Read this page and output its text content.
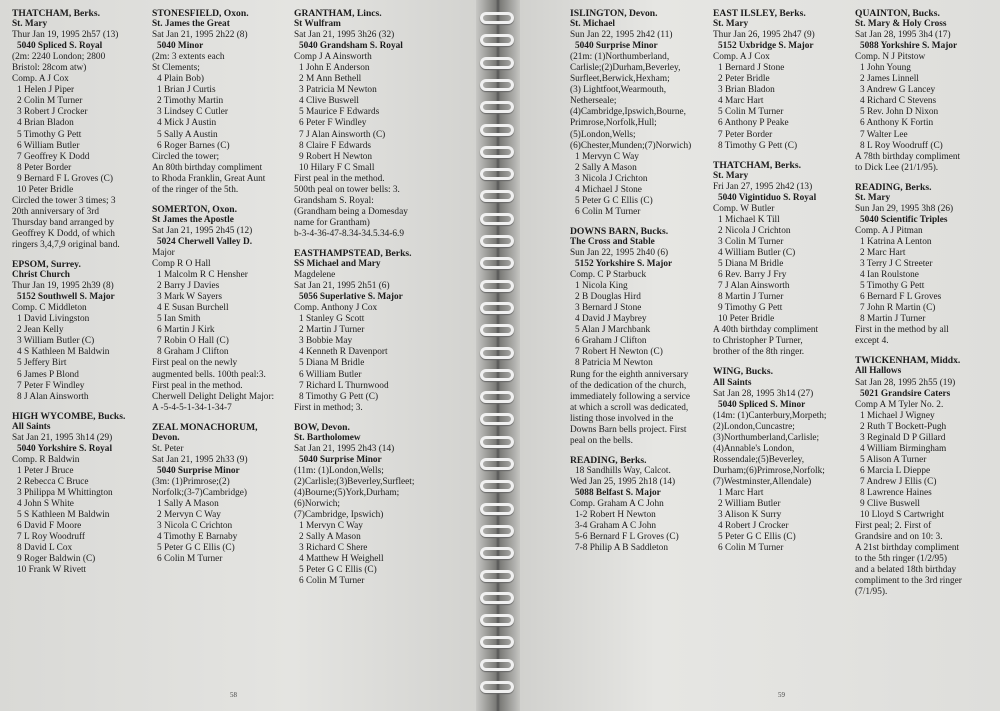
THATCHAM, Berks.
St. Mary
Thur Jan 19, 1995 2h57 (13)
5040 Spliced S. Royal
(2m: 2240 London; 2800
Bristol: 28com atw)
Comp. A J Cox
1 Helen J Piper
2 Colin M Turner
3 Robert J Crocker
4 Brian Bladon
5 Timothy G Pett
6 William Butler
7 Geoffrey K Dodd
8 Peter Border
9 Bernard F L Groves (C)
10 Peter Bridle
Circled the tower 3 times; 3
20th anniversary of 3rd
Thursday band arranged by
Geoffrey K Dodd, of which
ringers 3,4,7,9 original band.
EPSOM, Surrey.
Christ Church
Thur Jan 19, 1995 2h39 (8)
5152 Southwell S. Major
Comp. C Middleton
1 David Livingston
2 Jean Kelly
3 William Butler (C)
4 S Kathleen M Baldwin
5 Jeffery Birt
6 James P Blond
7 Peter F Windley
8 J Alan Ainsworth
HIGH WYCOMBE, Bucks.
All Saints
Sat Jan 21, 1995 3h14 (29)
5040 Yorkshire S. Royal
Comp. R Baldwin
1 Peter J Bruce
2 Rebecca C Bruce
3 Philippa M Whittington
4 John S White
5 S Kathleen M Baldwin
6 David F Moore
7 L Roy Woodruff
8 David L Cox
9 Roger Baldwin (C)
10 Frank W Rivett
STONESFIELD, Oxon.
St. James the Great
Sat Jan 21, 1995 2h22 (8)
5040 Minor
(2m: 3 extents each
St Clements;
4 Plain Bob)
1 Brian J Curtis
2 Timothy Martin
3 Lindsey C Cutler
4 Mick J Austin
5 Sally A Austin
6 Roger Barnes (C)
Circled the tower;
An 80th birthday compliment
to Rhoda Franklin, Great Aunt
of the ringer of the 5th.
SOMERTON, Oxon.
St James the Apostle
Sat Jan 21, 1995 2h45 (12)
5024 Cherwell Valley D.
Major
Comp R O Hall
1 Malcolm R C Hensher
2 Barry J Davies
3 Mark W Sayers
4 E Susan Burchell
5 Ian Smith
6 Martin J Kirk
7 Robin O Hall (C)
8 Graham J Clifton
First peal on the newly
augmented bells. 100th peal:3.
First peal in the method.
Cherwell Delight Delight Major:
A -5-4-5-1-34-1-34-7
ZEAL MONACHORUM,
Devon.
St. Peter
Sat Jan 21, 1995 2h33 (9)
5040 Surprise Minor
(3m: (1)Primrose;(2)
Norfolk;(3-7)Cambridge)
1 Sally A Mason
2 Mervyn C Way
3 Nicola C Crichton
4 Timothy E Barnaby
5 Peter G C Ellis (C)
6 Colin M Turner
GRANTHAM, Lincs.
St Wulfram
Sat Jan 21, 1995 3h26 (32)
5040 Grandsham S. Royal
Comp J A Ainsworth
1 John E Anderson
2 M Ann Bethell
3 Patricia M Newton
4 Clive Buswell
5 Maurice F Edwards
6 Peter F Windley
7 J Alan Ainsworth (C)
8 Claire F Edwards
9 Robert H Newton
10 Hilary F C Small
First peal in the method.
500th peal on tower bells: 3.
Grandsham S. Royal:
(Grandham being a Domesday
name for Grantham)
b-3-4-36-47-8.34-34.5.34-6.9
EASTHAMPSTEAD, Berks.
SS Michael and Mary
Magdelene
Sat Jan 21, 1995 2h51 (6)
5056 Superlative S. Major
Comp. Anthony J Cox
1 Stanley G Scott
2 Martin J Turner
3 Bobbie May
4 Kenneth R Davenport
5 Diana M Bridle
6 William Butler
7 Richard L Thurnwood
8 Timothy G Pett (C)
First in method; 3.
BOW, Devon.
St. Bartholomew
Sat Jan 21, 1995 2h43 (14)
5040 Surprise Minor
(11m: (1)London,Wells;
(2)Carlisle;(3)Beverley,Surfleet;
(4)Bourne;(5)York,Durham;
(6)Norwich;
(7)Cambridge, Ipswich)
1 Mervyn C Way
2 Sally A Mason
3 Richard C Shere
4 Matthew H Weighell
5 Peter G C Ellis (C)
6 Colin M Turner
58
ISLINGTON, Devon.
St. Michael
Sun Jan 22, 1995 2h42 (11)
5040 Surprise Minor
(21m: (1)Northumberland,
Carlisle;(2)Durham,Beverley,
Surfleet,Berwick,Hexham;
(3) Lightfoot,Wearmouth,
Netherseale;
(4)Cambridge,Ipswich,Bourne,
Primrose,Norfolk,Hull;
(5)London,Wells;
(6)Chester,Munden;(7)Norwich)
1 Mervyn C Way
2 Sally A Mason
3 Nicola J Crichton
4 Michael J Stone
5 Peter G C Ellis (C)
6 Colin M Turner
DOWNS BARN, Bucks.
The Cross and Stable
Sun Jan 22, 1995 2h40 (6)
5152 Yorkshire S. Major
Comp. C P Starbuck
1 Nicola King
2 B Douglas Hird
3 Bernard J Stone
4 David J Maybrey
5 Alan J Marchbank
6 Graham J Clifton
7 Robert H Newton (C)
8 Patricia M Newton
Rung for the eighth anniversary
of the dedication of the church,
immediately following a service
at which a scroll was dedicated,
listing those involved in the
Downs Barn bells project. First
peal on the bells.
READING, Berks.
18 Sandhills Way, Calcot.
Wed Jan 25, 1995 2h18 (14)
5088 Belfast S. Major
Comp. Graham A C John
1-2 Robert H Newton
3-4 Graham A C John
5-6 Bernard F L Groves (C)
7-8 Philip A B Saddleton
EAST ILSLEY, Berks.
St. Mary
Thur Jan 26, 1995 2h47 (9)
5152 Uxbridge S. Major
Comp. A J Cox
1 Bernard J Stone
2 Peter Bridle
3 Brian Bladon
4 Marc Hart
5 Colin M Turner
6 Anthony P Peake
7 Peter Border
8 Timothy G Pett (C)
THATCHAM, Berks.
St. Mary
Fri Jan 27, 1995 2h42 (13)
5040 Vigintiduo S. Royal
Comp. W Butler
1 Michael K Till
2 Nicola J Crichton
3 Colin M Turner
4 William Butler (C)
5 Diana M Bridle
6 Rev. Barry J Fry
7 J Alan Ainsworth
8 Martin J Turner
9 Timothy G Pett
10 Peter Bridle
A 40th birthday compliment
to Christopher P Turner,
brother of the 8th ringer.
WING, Bucks.
All Saints
Sat Jan 28, 1995 3h14 (27)
5040 Spliced S. Minor
(14m: (1)Canterbury,Morpeth;
(2)London,Cuncastre;
(3)Northumberland,Carlisle;
(4)Annable's London,
Rossendale;(5)Beverley,
Durham;(6)Primrose,Norfolk;
(7)Westminster,Allendale)
1 Marc Hart
2 William Butler
3 Alison K Surry
4 Robert J Crocker
5 Peter G C Ellis (C)
6 Colin M Turner
QUAINTON, Bucks.
St. Mary & Holy Cross
Sat Jan 28, 1995 3h4 (17)
5088 Yorkshire S. Major
Comp. N J Pitstow
1 John Young
2 James Linnell
3 Andrew G Lancey
4 Richard C Stevens
5 Rev. John D Nixon
6 Anthony K Fortin
7 Walter Lee
8 L Roy Woodruff (C)
A 78th birthday compliment
to Dick Lee (21/1/95).
READING, Berks.
St. Mary
Sun Jan 29, 1995 3h8 (26)
5040 Scientific Triples
Comp. A J Pitman
1 Katrina A Lenton
2 Marc Hart
3 Terry J C Streeter
4 Ian Roulstone
5 Timothy G Pett
6 Bernard F L Groves
7 John R Martin (C)
8 Martin J Turner
First in the method by all
except 4.
TWICKENHAM, Middx.
All Hallows
Sat Jan 28, 1995 2h55 (19)
5021 Grandsire Caters
Comp A M Tyler No. 2.
1 Michael J Wigney
2 Ruth T Bockett-Pugh
3 Reginald D P Gillard
4 William Birmingham
5 Alison A Turner
6 Marcia L Dieppe
7 Andrew J Ellis (C)
8 Lawrence Haines
9 Clive Buswell
10 Lloyd S Cartwright
First peal; 2. First of
Grandsire and on 10: 3.
A 21st birthday compliment
to the 5th ringer (1/2/95)
and a belated 18th birthday
compliment to the 3rd ringer
(7/1/95).
59
